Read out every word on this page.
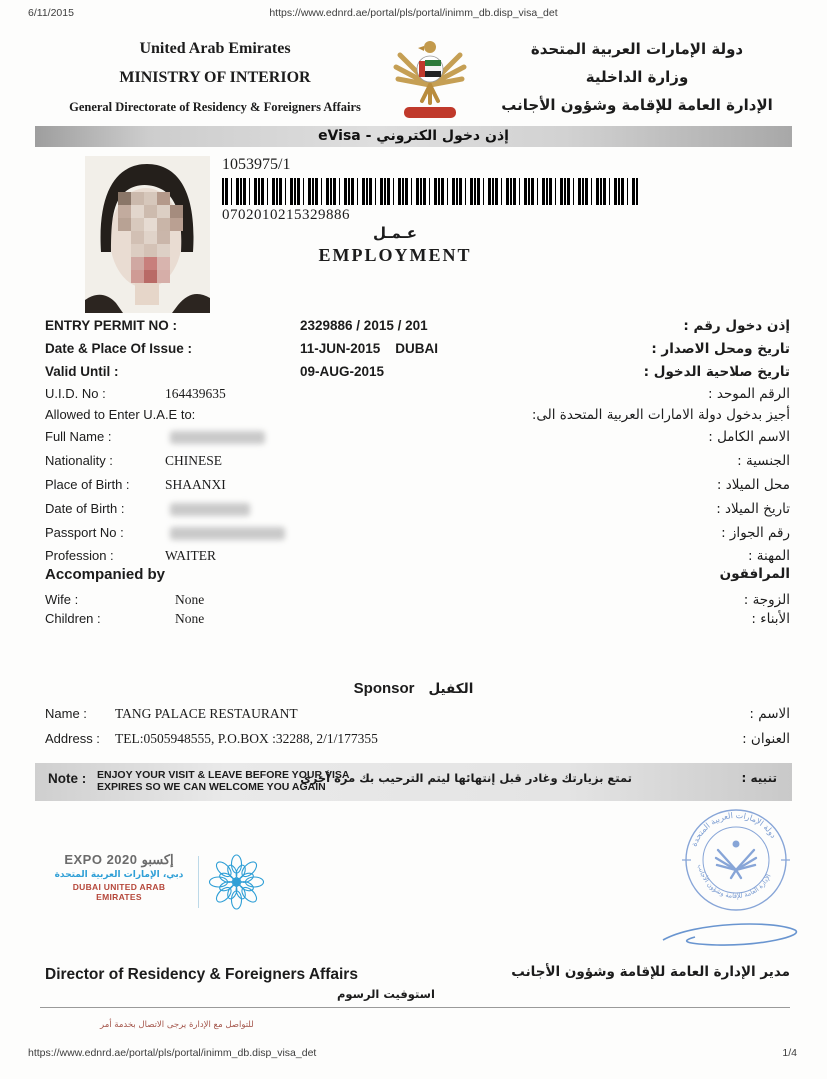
6/11/2015	https://www.ednrd.ae/portal/pls/portal/inimm_db.disp_visa_det
United Arab Emirates
MINISTRY OF INTERIOR
General Directorate of Residency & Foreigners Affairs
دولة الإمارات العربية المتحدة
وزارة الداخلية
الإدارة العامة للإقامة وشؤون الأجانب
eVisa - إذن دخول الكتروني
1053975/1
0702010215329886
عـمـل
EMPLOYMENT
ENTRY PERMIT NO :	2329886 / 2015 / 201	إذن دخول رقم :
Date & Place Of Issue :	11-JUN-2015    DUBAI	تاريخ ومحل الاصدار :
Valid Until :	09-AUG-2015	تاريخ صلاحية الدخول :
U.I.D. No :	164439635	الرقم الموحد :
Allowed to Enter U.A.E to:	أجيز بدخول دولة الامارات العربية المتحدة الى:
Full Name :	الاسم الكامل :
Nationality :	CHINESE	الجنسية :
Place of Birth :	SHAANXI	محل الميلاد :
Date of Birth :	تاريخ الميلاد :
Passport No :	رقم الجواز :
Profession :	WAITER	المهنة :
Accompanied by	المرافقون
Wife :	None	الزوجة :
Children :	None	الأبناء :
Sponsor الكفيل
Name : TANG PALACE RESTAURANT	الاسم :
Address : TEL:0505948555, P.O.BOX :32288, 2/1/177355	العنوان :
Note : ENJOY YOUR VISIT & LEAVE BEFORE YOUR VISA
EXPIRES SO WE CAN WELCOME YOU AGAIN
تمتع بزيارتك وغادر قبل إنتهائها ليتم الترحيب بك مرة أخرى	تنبيه :
EXPO 2020 إكسبو
دبي، الإمارات العربية المتحدة
DUBAI UNITED ARAB EMIRATES
دولة الإمارات العربية المتحدة
الإدارة العامة للإقامة وشؤون الأجانب
Director of Residency & Foreigners Affairs	مدير الإدارة العامة للإقامة وشؤون الأجانب
استوفيت الرسوم
للتواصل مع الإدارة يرجى الاتصال بخدمة أمر
https://www.ednrd.ae/portal/pls/portal/inimm_db.disp_visa_det	1/4
